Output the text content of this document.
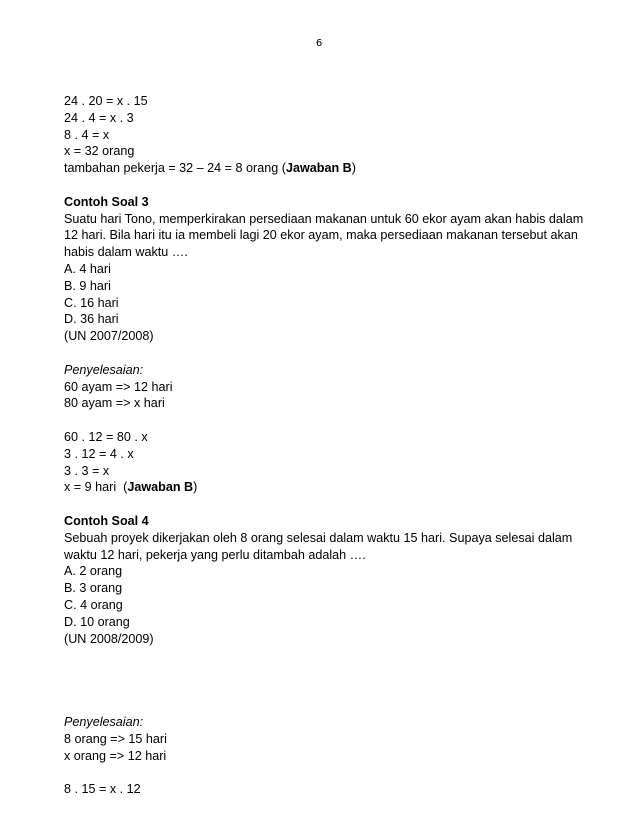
6
24 . 20 = x . 15
24 . 4 = x . 3
8 . 4 = x
x = 32 orang
tambahan pekerja = 32 – 24 = 8 orang (Jawaban B)
Contoh Soal 3
Suatu hari Tono, memperkirakan persediaan makanan untuk 60 ekor ayam akan habis dalam
12 hari. Bila hari itu ia membeli lagi 20 ekor ayam, maka persediaan makanan tersebut akan
habis dalam waktu ….
A. 4 hari
B. 9 hari
C. 16 hari
D. 36 hari
(UN 2007/2008)
Penyelesaian:
60 ayam => 12 hari
80 ayam => x hari
60 . 12 = 80 . x
3 . 12 = 4 . x
3 . 3 = x
x = 9 hari  (Jawaban B)
Contoh Soal 4
Sebuah proyek dikerjakan oleh 8 orang selesai dalam waktu 15 hari. Supaya selesai dalam
waktu 12 hari, pekerja yang perlu ditambah adalah ….
A. 2 orang
B. 3 orang
C. 4 orang
D. 10 orang
(UN 2008/2009)
Penyelesaian:
8 orang => 15 hari
x orang => 12 hari
8 . 15 = x . 12
